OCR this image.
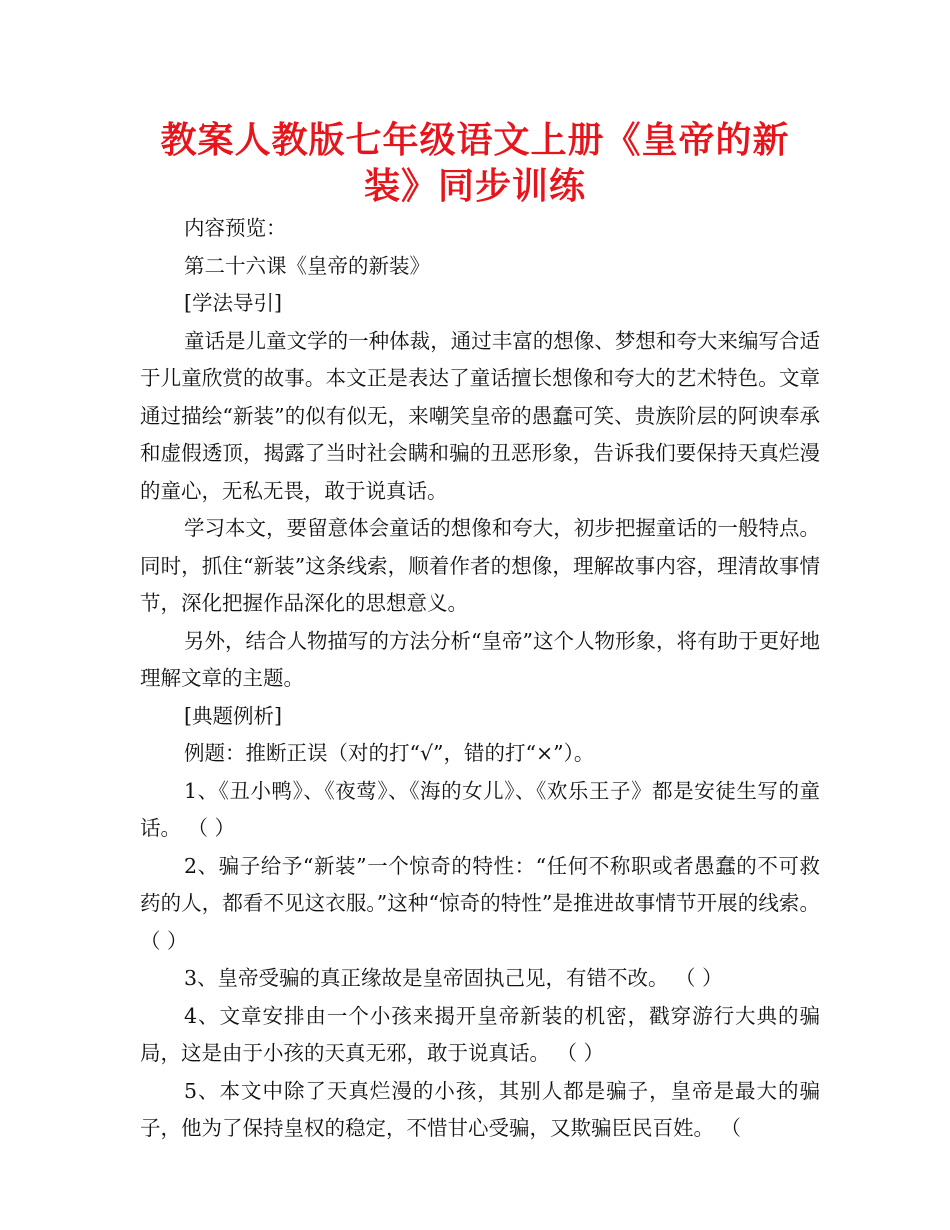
教案人教版七年级语文上册《皇帝的新
装》同步训练

内容预览：

第二十六课《皇帝的新装》

[学法导引]

童话是儿童文学的一种体裁，通过丰富的想像、梦想和夸大来编写合适于儿童欣赏的故事。本文正是表达了童话擅长想像和夸大的艺术特色。文章通过描绘“新装”的似有似无，来嘲笑皇帝的愚蠢可笑、贵族阶层的阿谀奉承和虚假透顶，揭露了当时社会瞒和骗的丑恶形象，告诉我们要保持天真烂漫的童心，无私无畏，敢于说真话。

学习本文，要留意体会童话的想像和夸大，初步把握童话的一般特点。同时，抓住“新装”这条线索，顺着作者的想像，理解故事内容，理清故事情节，深化把握作品深化的思想意义。

另外，结合人物描写的方法分析“皇帝”这个人物形象，将有助于更好地理解文章的主题。

[典题例析]

例题：推断正误（对的打“√”，错的打“×”）。

1、《丑小鸭》、《夜莺》、《海的女儿》、《欢乐王子》都是安徒生写的童话。 （ ）

2、骗子给予“新装”一个惊奇的特性：“任何不称职或者愚蠢的不可救药的人，都看不见这衣服。”这种“惊奇的特性”是推进故事情节开展的线索。 （ ）

3、皇帝受骗的真正缘故是皇帝固执己见，有错不改。 （ ）

4、文章安排由一个小孩来揭开皇帝新装的机密，戳穿游行大典的骗局，这是由于小孩的天真无邪，敢于说真话。 （ ）

5、本文中除了天真烂漫的小孩，其别人都是骗子，皇帝是最大的骗子，他为了保持皇权的稳定，不惜甘心受骗，又欺骗臣民百姓。 （
